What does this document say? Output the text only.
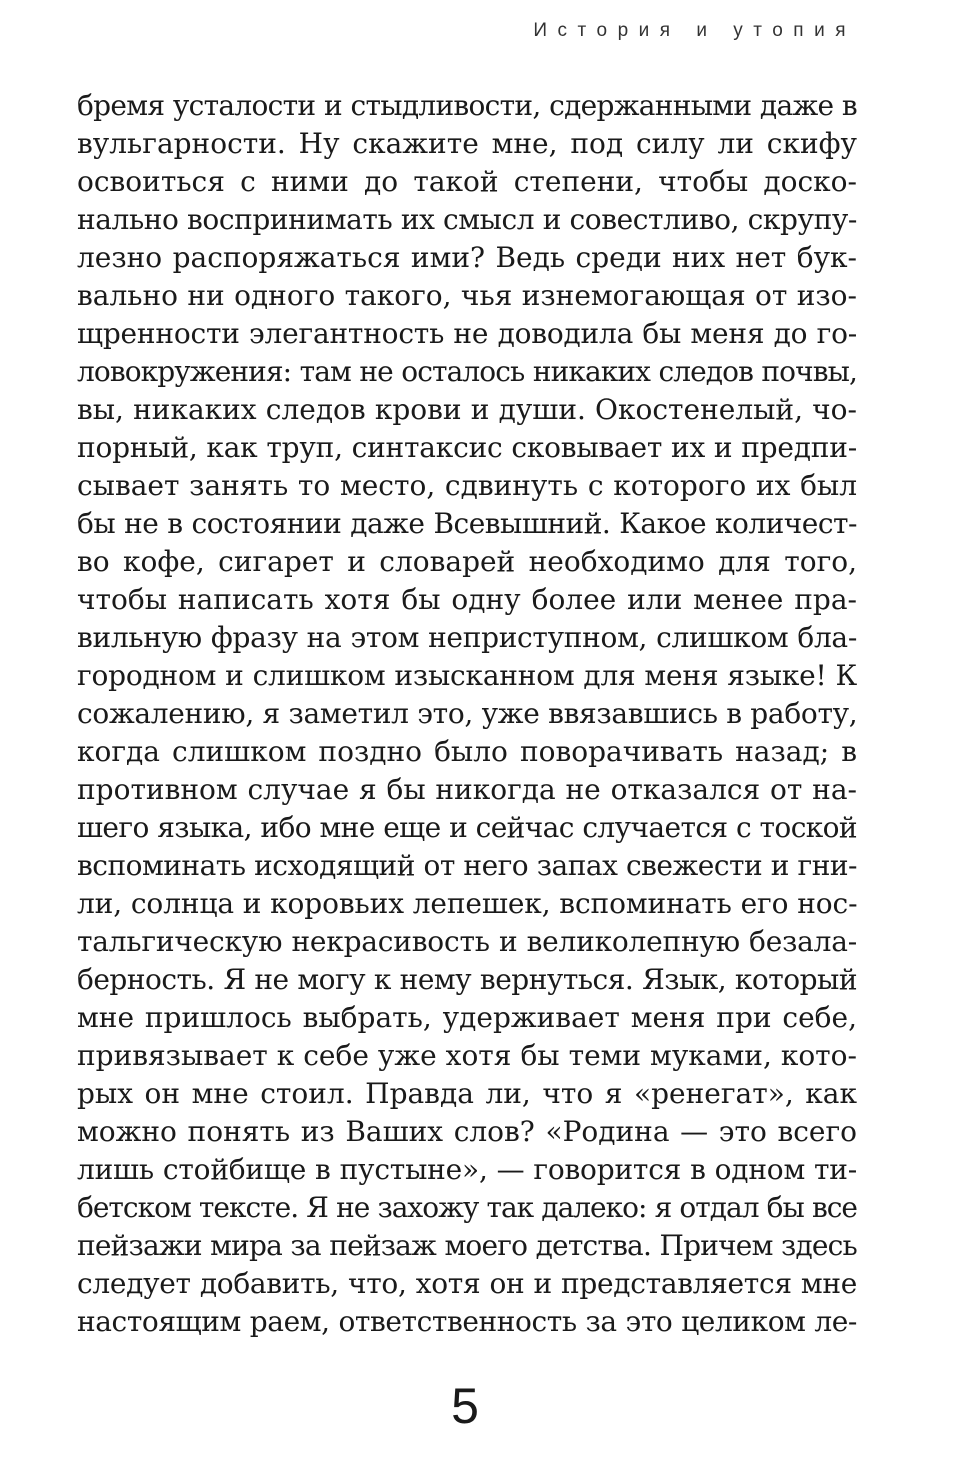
История и утопия
бремя усталости и стыдливости, сдержанными даже в
вульгарности. Ну скажите мне, под силу ли скифу
освоиться с ними до такой степени, чтобы доско-
нально воспринимать их смысл и совестливо, скрупу-
лезно распоряжаться ими? Ведь среди них нет бук-
вально ни одного такого, чья изнемогающая от изо-
щренности элегантность не доводила бы меня до го-
ловокружения: там не осталось никаких следов почвы,
вы, никаких следов крови и души. Окостенелый, чо-
порный, как труп, синтаксис сковывает их и предпи-
сывает занять то место, сдвинуть с которого их был
бы не в состоянии даже Всевышний. Какое количест-
во кофе, сигарет и словарей необходимо для того,
чтобы написать хотя бы одну более или менее пра-
вильную фразу на этом неприступном, слишком бла-
городном и слишком изысканном для меня языке! К
сожалению, я заметил это, уже ввязавшись в работу,
когда слишком поздно было поворачивать назад; в
противном случае я бы никогда не отказался от на-
шего языка, ибо мне еще и сейчас случается с тоской
вспоминать исходящий от него запах свежести и гни-
ли, солнца и коровьих лепешек, вспоминать его нос-
тальгическую некрасивость и великолепную безала-
берность. Я не могу к нему вернуться. Язык, который
мне пришлось выбрать, удерживает меня при себе,
привязывает к себе уже хотя бы теми муками, кото-
рых он мне стоил. Правда ли, что я «ренегат», как
можно понять из Ваших слов? «Родина — это всего
лишь стойбище в пустыне», — говорится в одном ти-
бетском тексте. Я не захожу так далеко: я отдал бы все
пейзажи мира за пейзаж моего детства. Причем здесь
следует добавить, что, хотя он и представляется мне
настоящим раем, ответственность за это целиком ле-
5
